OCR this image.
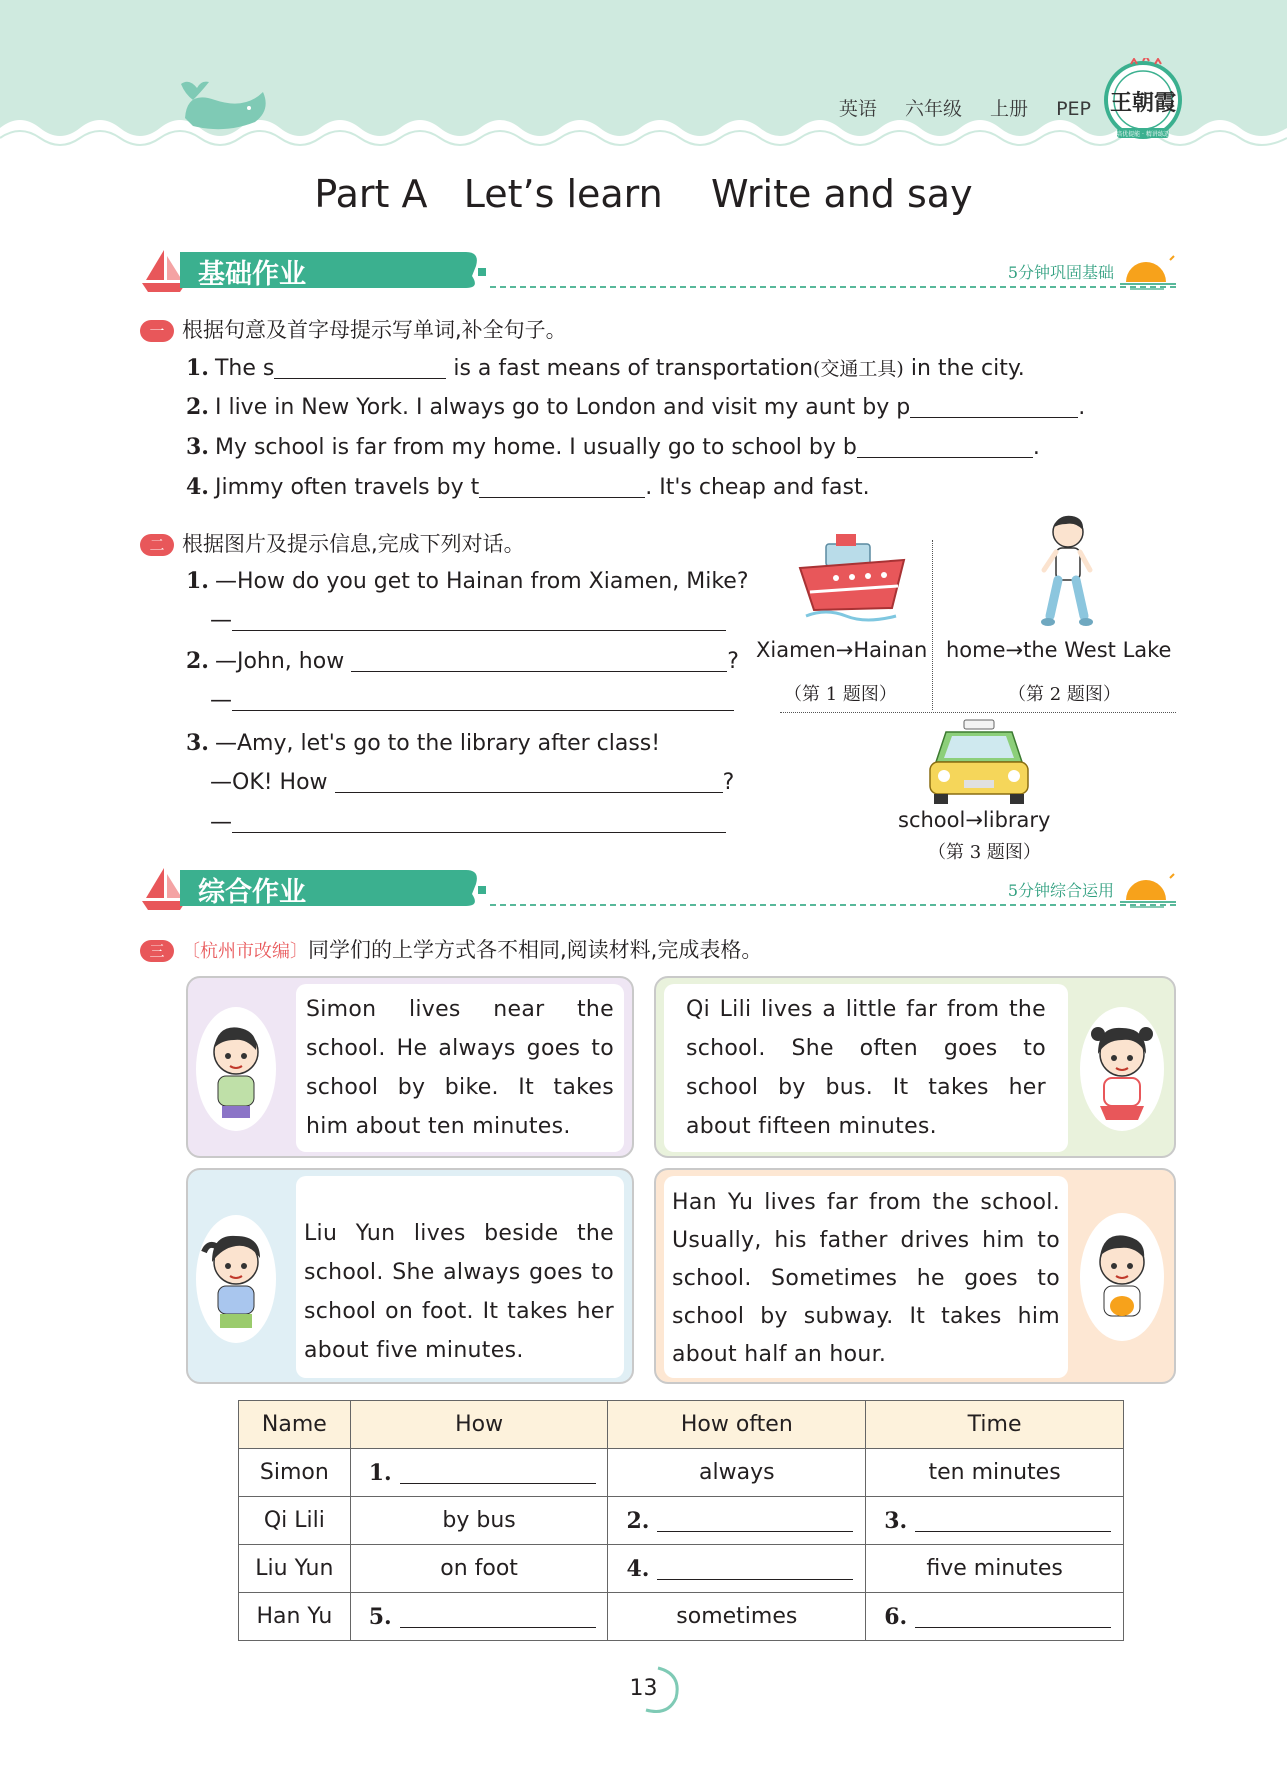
英语 六年级 上册 PEP 王朝霞
培优提能 · 精讲练透
Part A   Let’s learn    Write and say
基础作业	5分钟巩固基础
一 根据句意及首字母提示写单词,补全句子。
1. The s	is a fast means of transportation(交通工具) in the city.
2. I live in New York. I always go to London and visit my aunt by p	.
3. My school is far from my home. I usually go to school by b	.
4. Jimmy often travels by t	. It's cheap and fast.
二 根据图片及提示信息,完成下列对话。
1. —How do you get to Hainan from Xiamen, Mike?
—
2. —John, how	?
—
3. —Amy, let's go to the library after class!
—OK! How	?
—
Xiamen→Hainan
（第 1 题图）
home→the West Lake
（第 2 题图）
school→library
（第 3 题图）
综合作业	5分钟综合运用
三 〔杭州市改编〕同学们的上学方式各不相同,阅读材料,完成表格。
Simon lives near the school. He always goes to school by bike. It takes him about ten minutes.
Qi Lili lives a little far from the school. She often goes to school by bus. It takes her about fifteen minutes.
Liu Yun lives beside the school. She always goes to school on foot. It takes her about five minutes.
Han Yu lives far from the school. Usually, his father drives him to school. Sometimes he goes to school by subway. It takes him about half an hour.
Name	How	How often	Time
Simon	1.	always	ten minutes
Qi Lili	by bus	2.	3.
Liu Yun	on foot	4.	five minutes
Han Yu	5.	sometimes	6.
13
